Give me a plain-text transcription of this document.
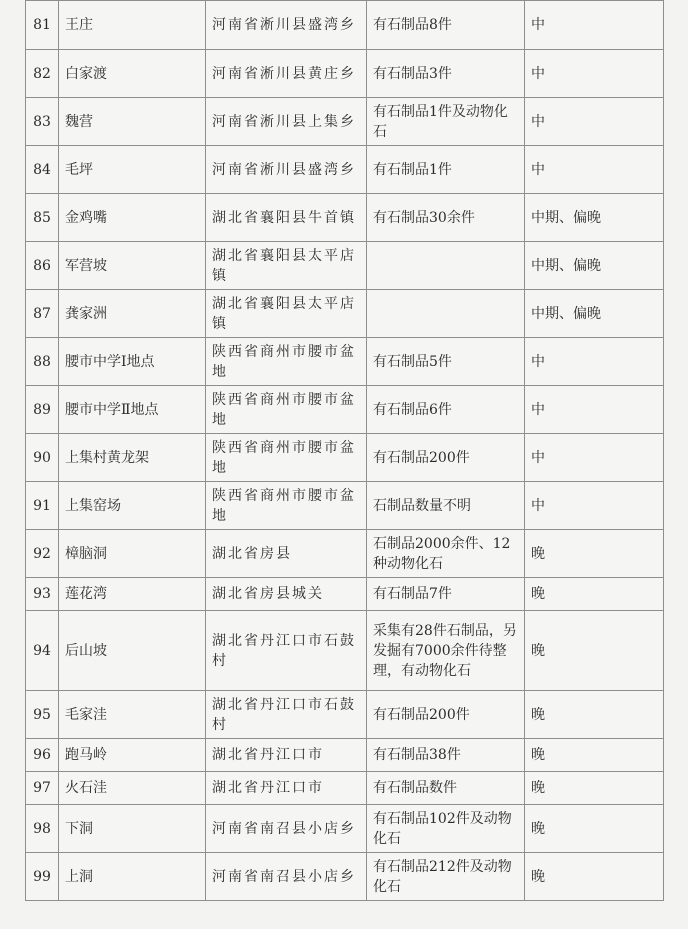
81	王庄	河南省淅川县盛湾乡	有石制品8件	中
82	白家渡	河南省淅川县黄庄乡	有石制品3件	中
83	魏营	河南省淅川县上集乡	有石制品1件及动物化石	中
84	毛坪	河南省淅川县盛湾乡	有石制品1件	中
85	金鸡嘴	湖北省襄阳县牛首镇	有石制品30余件	中期、偏晚
86	军营坡	湖北省襄阳县太平店镇		中期、偏晚
87	龚家洲	湖北省襄阳县太平店镇		中期、偏晚
88	腰市中学Ⅰ地点	陕西省商州市腰市盆地	有石制品5件	中
89	腰市中学Ⅱ地点	陕西省商州市腰市盆地	有石制品6件	中
90	上集村黄龙架	陕西省商州市腰市盆地	有石制品200件	中
91	上集窑场	陕西省商州市腰市盆地	石制品数量不明	中
92	樟脑洞	湖北省房县	石制品2000余件、12种动物化石	晚
93	莲花湾	湖北省房县城关	有石制品7件	晚
94	后山坡	湖北省丹江口市石鼓村	采集有28件石制品，另发掘有7000余件待整理，有动物化石	晚
95	毛家洼	湖北省丹江口市石鼓村	有石制品200件	晚
96	跑马岭	湖北省丹江口市	有石制品38件	晚
97	火石洼	湖北省丹江口市	有石制品数件	晚
98	下洞	河南省南召县小店乡	有石制品102件及动物化石	晚
99	上洞	河南省南召县小店乡	有石制品212件及动物化石	晚
